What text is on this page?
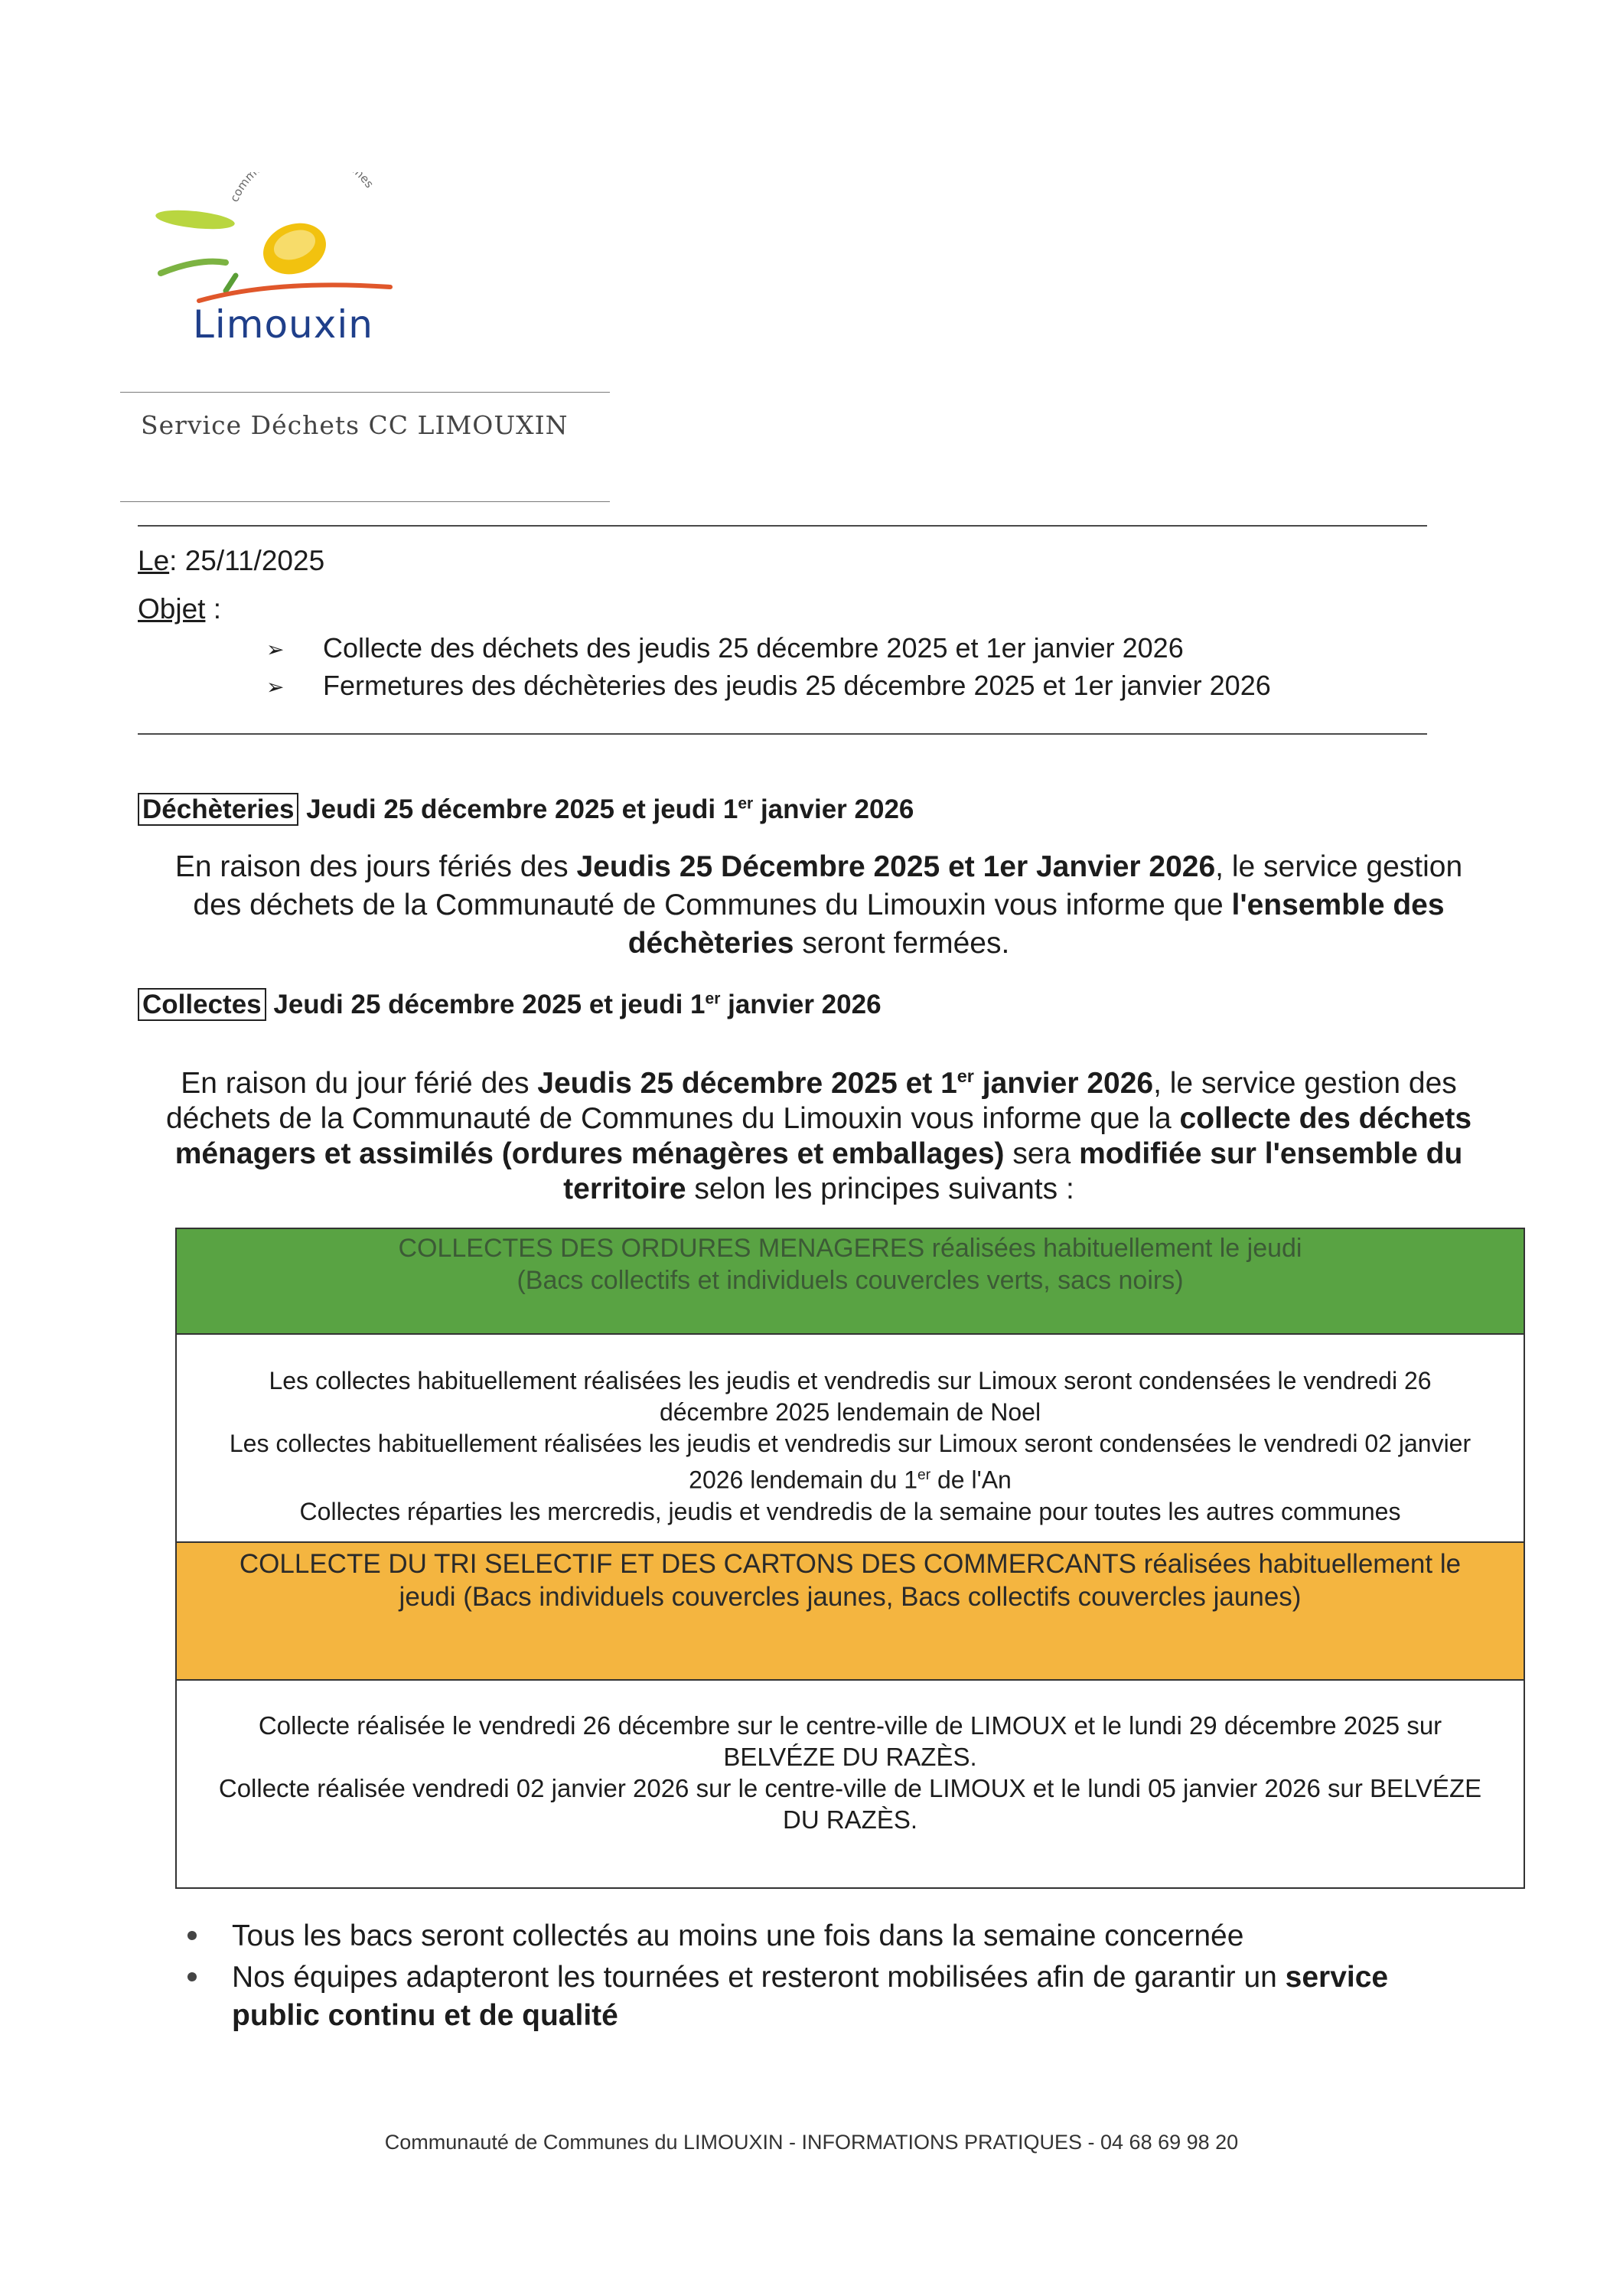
comm nes
Limouxin
Service Déchets CC LIMOUXIN
Le: 25/11/2025
Objet :
➢ Collecte des déchets des jeudis 25 décembre 2025 et 1er janvier 2026
➢ Fermetures des déchèteries des jeudis 25 décembre 2025 et 1er janvier 2026
Déchèteries Jeudi 25 décembre 2025 et jeudi 1er janvier 2026
En raison des jours fériés des Jeudis 25 Décembre 2025 et 1er Janvier 2026, le service gestion des déchets de la Communauté de Communes du Limouxin vous informe que l'ensemble des déchèteries seront fermées.
Collectes Jeudi 25 décembre 2025 et jeudi 1er janvier 2026
En raison du jour férié des Jeudis 25 décembre 2025 et 1er janvier 2026, le service gestion des déchets de la Communauté de Communes du Limouxin vous informe que la collecte des déchets ménagers et assimilés (ordures ménagères et emballages) sera modifiée sur l'ensemble du territoire selon les principes suivants :
COLLECTES DES ORDURES MENAGERES réalisées habituellement le jeudi
(Bacs collectifs et individuels couvercles verts, sacs noirs)
Les collectes habituellement réalisées les jeudis et vendredis sur Limoux seront condensées le vendredi 26
décembre 2025 lendemain de Noel
Les collectes habituellement réalisées les jeudis et vendredis sur Limoux seront condensées le vendredi 02 janvier
2026 lendemain du 1er de l'An
Collectes réparties les mercredis, jeudis et vendredis de la semaine pour toutes les autres communes
COLLECTE DU TRI SELECTIF ET DES CARTONS DES COMMERCANTS réalisées habituellement le
jeudi (Bacs individuels couvercles jaunes, Bacs collectifs couvercles jaunes)
Collecte réalisée le vendredi 26 décembre sur le centre-ville de LIMOUX et le lundi 29 décembre 2025 sur
BELVÉZE DU RAZÈS.
Collecte réalisée vendredi 02 janvier 2026 sur le centre-ville de LIMOUX et le lundi 05 janvier 2026 sur BELVÉZE
DU RAZÈS.
Tous les bacs seront collectés au moins une fois dans la semaine concernée
Nos équipes adapteront les tournées et resteront mobilisées afin de garantir un service
public continu et de qualité
Communauté de Communes du LIMOUXIN - INFORMATIONS PRATIQUES - 04 68 69 98 20
